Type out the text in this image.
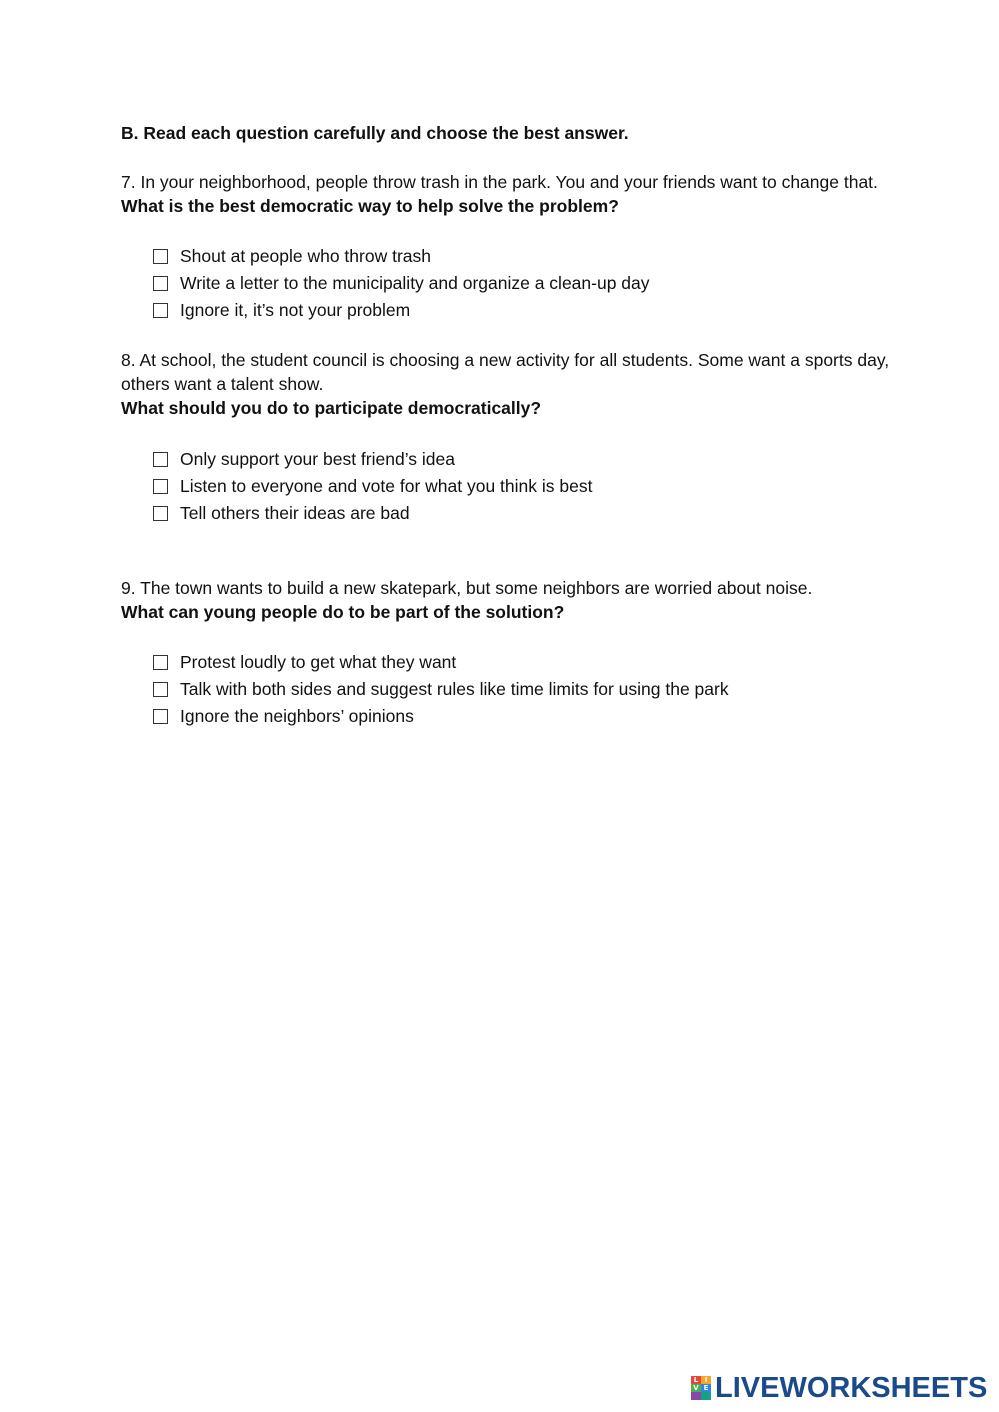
B. Read each question carefully and choose the best answer.

7. In your neighborhood, people throw trash in the park. You and your friends want to change that. What is the best democratic way to help solve the problem?

Shout at people who throw trash
Write a letter to the municipality and organize a clean-up day
Ignore it, it’s not your problem

8. At school, the student council is choosing a new activity for all students. Some want a sports day, others want a talent show.
What should you do to participate democratically?

Only support your best friend’s idea
Listen to everyone and vote for what you think is best
Tell others their ideas are bad

9. The town wants to build a new skatepark, but some neighbors are worried about noise.
What can young people do to be part of the solution?

Protest loudly to get what they want
Talk with both sides and suggest rules like time limits for using the park
Ignore the neighbors’ opinions
L I
V E LIVEWORKSHEETS
